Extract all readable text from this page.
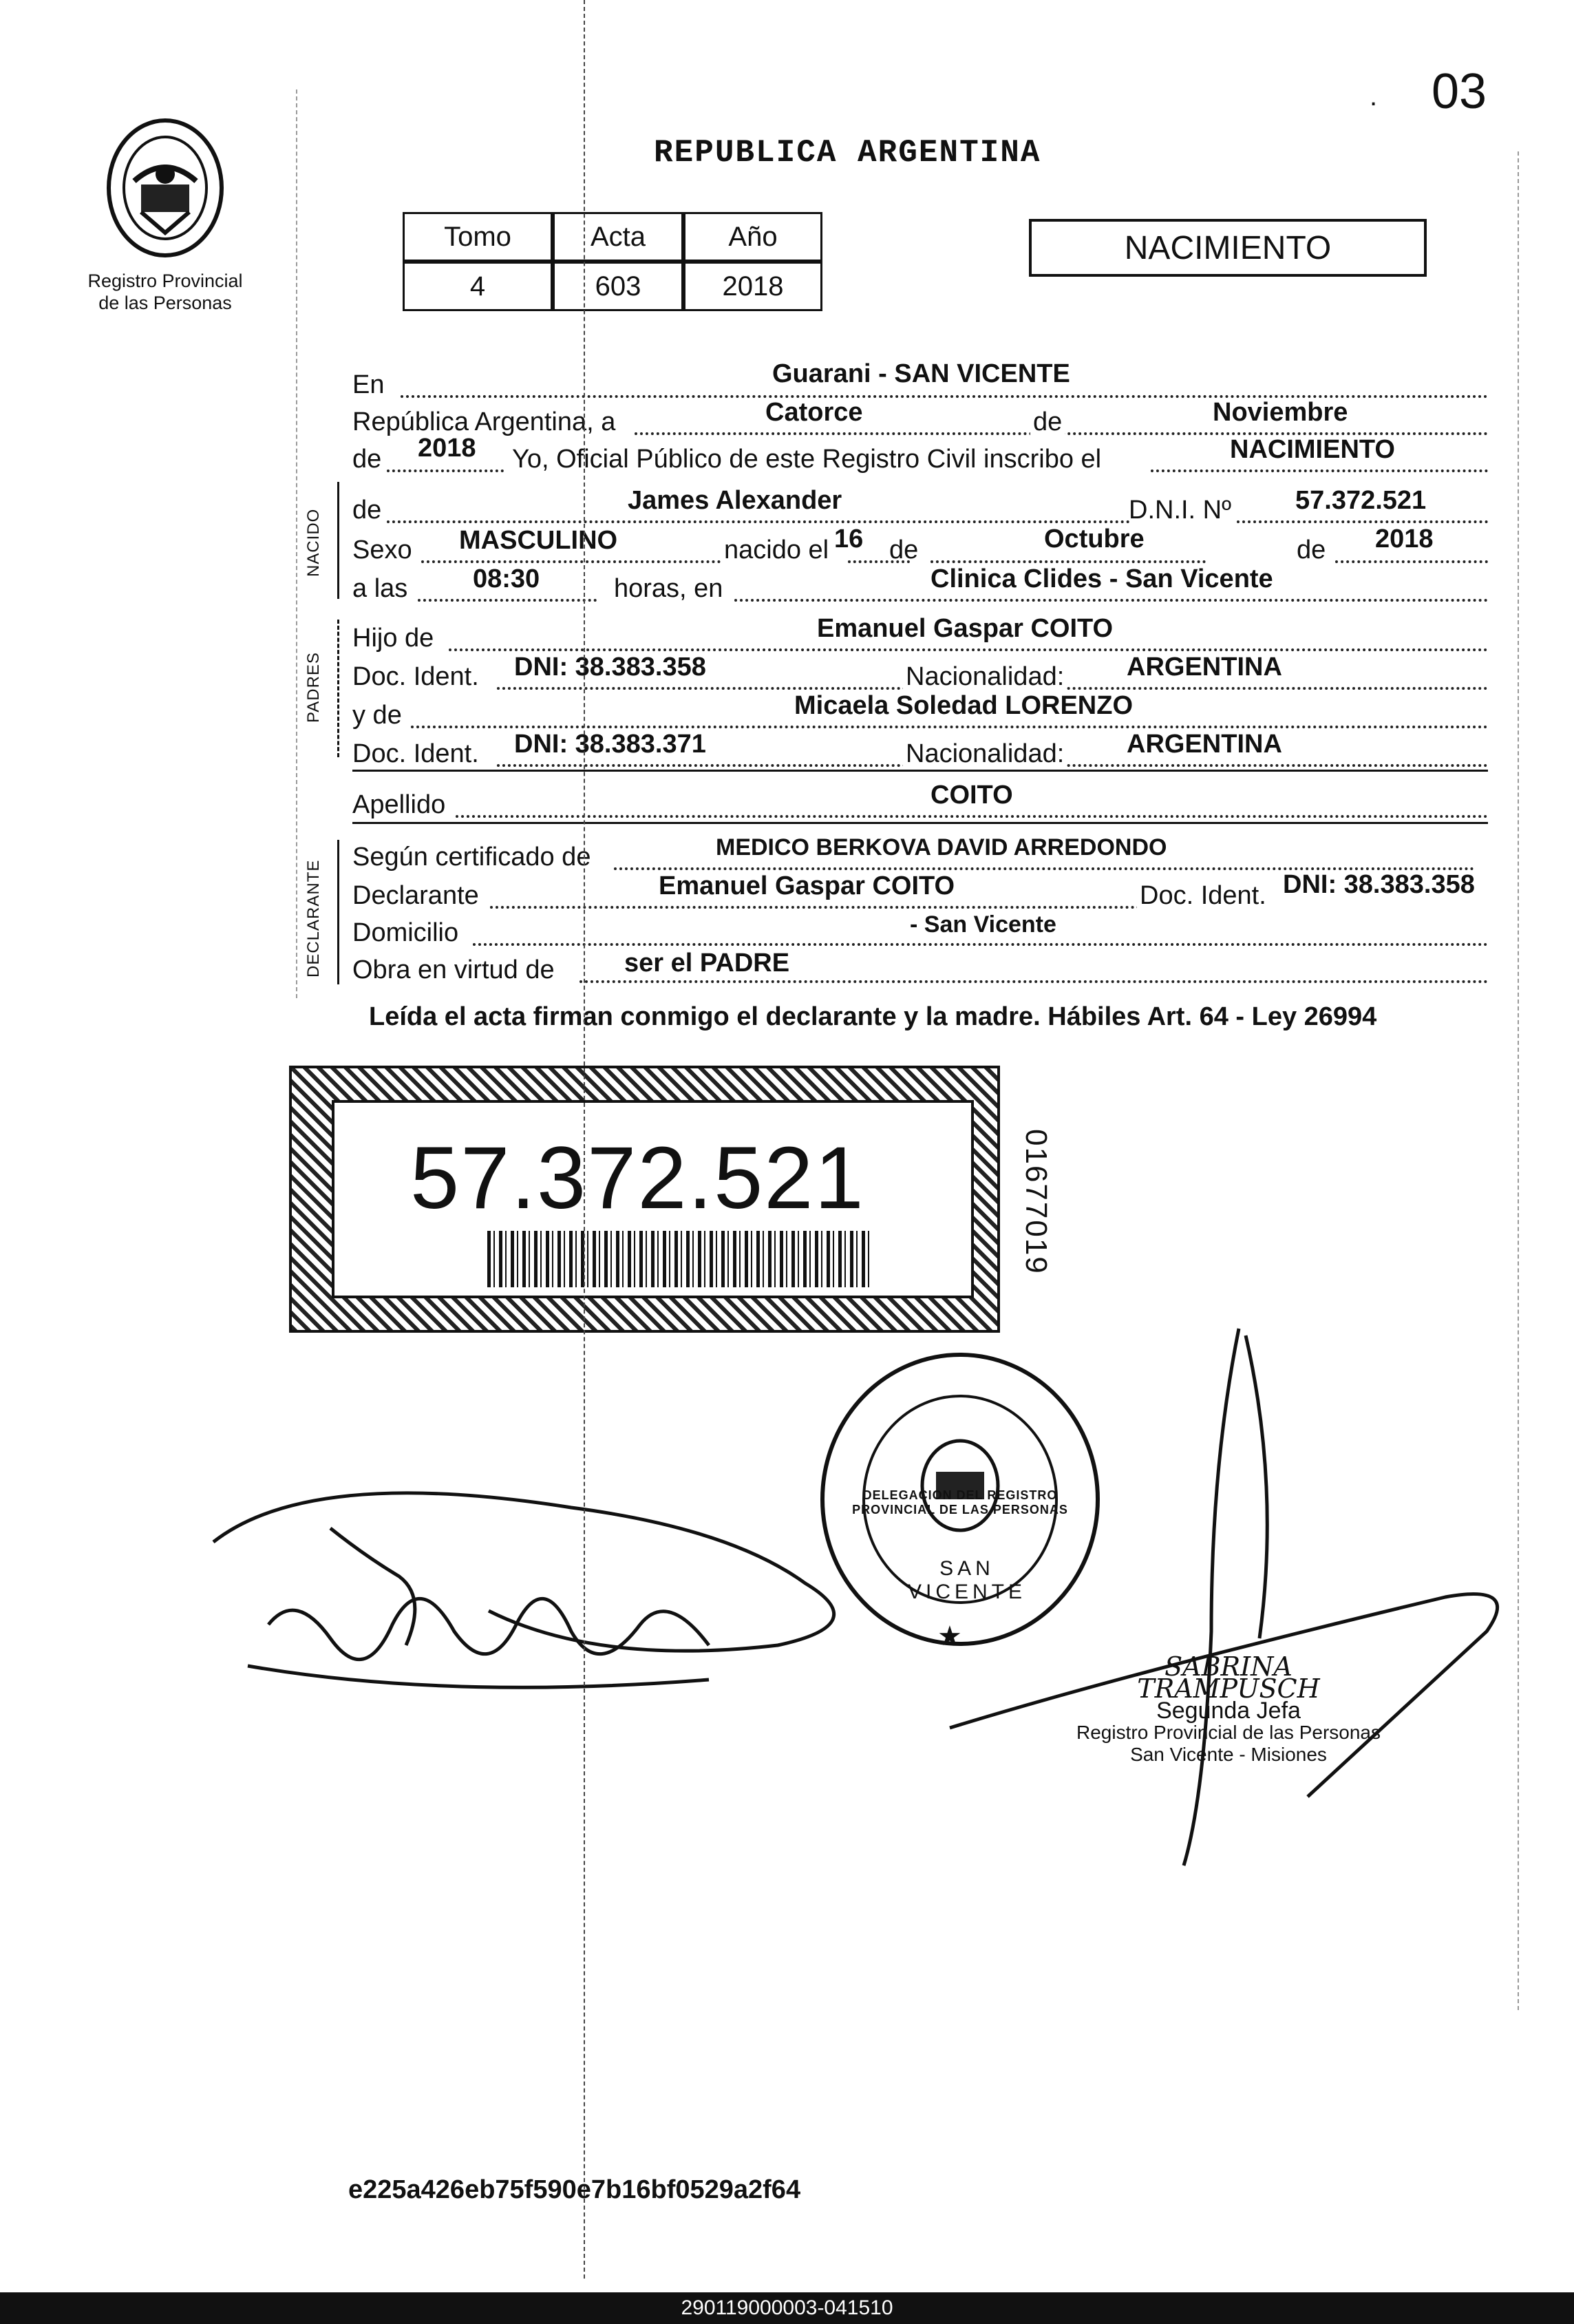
03
.
Registro Provincial
de las Personas
REPUBLICA ARGENTINA
Tomo	Acta	Año
4	603	2018
NACIMIENTO
NACIDO
PADRES
DECLARANTE
En	Guarani - SAN VICENTE
República Argentina, a	Catorce	de	Noviembre
de 2018 Yo, Oficial Público de este Registro Civil inscribo el	NACIMIENTO
de	James Alexander	D.N.I. Nº 57.372.521
Sexo MASCULINO	nacido el 16 de	Octubre	de 2018
a las 08:30	horas, en	Clinica Clides - San Vicente
Hijo de	Emanuel Gaspar COITO
Doc. Ident. DNI: 38.383.358	Nacionalidad: ARGENTINA
y de	Micaela Soledad LORENZO
Doc. Ident. DNI: 38.383.371	Nacionalidad: ARGENTINA
Apellido	COITO
Según certificado de	MEDICO BERKOVA DAVID ARREDONDO
Declarante	Emanuel Gaspar COITO	Doc. Ident. DNI: 38.383.358
Domicilio	- San Vicente
Obra en virtud de	ser el PADRE
Leída el acta firman conmigo el declarante y la madre. Hábiles Art. 64 - Ley 26994
57.372.521	01677019
DELEGACION DEL REGISTRO PROVINCIAL DE LAS PERSONAS
SAN VICENTE
★
SABRINA TRAMPUSCH
Segunda Jefa
Registro Provincial de las Personas
San Vicente - Misiones
e225a426eb75f590e7b16bf0529a2f64
290119000003-041510
